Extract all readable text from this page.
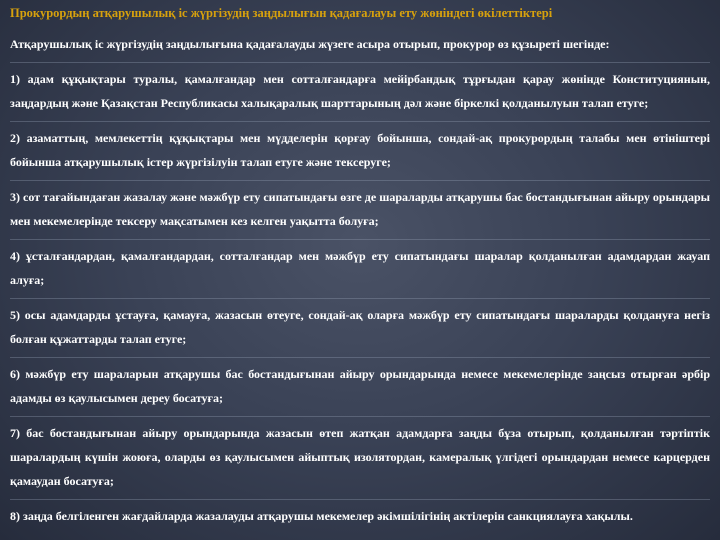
Прокурордың атқарушылық іс жүргізудің заңдылығын қадағалауы ету жөніндегі өкілеттіктері

Атқарушылық іс жүргізудің заңдылығына қадағалауды жүзеге асыра отырып, прокурор өз құзыреті шегінде:

1) адам құқықтары туралы, қамалғандар мен сотталғандарға мейірбандық тұрғыдан қарау жөнінде Конституциянын, заңдардың және Қазақстан Республикасы халықаралық шарттарының дәл және біркелкі қолданылуын талап етуге;

2) азаматтың, мемлекеттің құқықтары мен мүдделерін қорғау бойынша, сондай-ақ прокурордың талабы мен өтініштері бойынша атқарушылық істер жүргізілуін талап етуге және тексеруге;

3) сот тағайындаған жазалау және мәжбүр ету сипатындағы өзге де шараларды атқарушы бас бостандығынан айыру орындары мен мекемелерінде тексеру мақсатымен кез келген уақытта болуға;

4) ұсталғандардан, қамалғандардан, сотталғандар мен мәжбүр ету сипатындағы шаралар қолданылған адамдардан жауап алуға;

5) осы адамдарды ұстауға, қамауға, жазасын өтеуге, сондай-ақ оларға мәжбүр ету сипатындағы шараларды қолдануға негіз болған құжаттарды талап етуге;

6) мәжбүр ету шараларын атқарушы бас бостандығынан айыру орындарында немесе мекемелерінде заңсыз отырған әрбір адамды өз қаулысымен дереу босатуға;

7) бас бостандығынан айыру орындарында жазасын өтеп жатқан адамдарға заңды бұза отырып, қолданылған тәртіптік шаралардың күшін жоюға, оларды өз қаулысымен айыптық изолятордан, камералық үлгідегі орындардан немесе карцерден қамаудан босатуға;

8) заңда белгіленген жағдайларда жазалауды атқарушы мекемелер әкімшілігінің актілерін санкциялауға хақылы.
